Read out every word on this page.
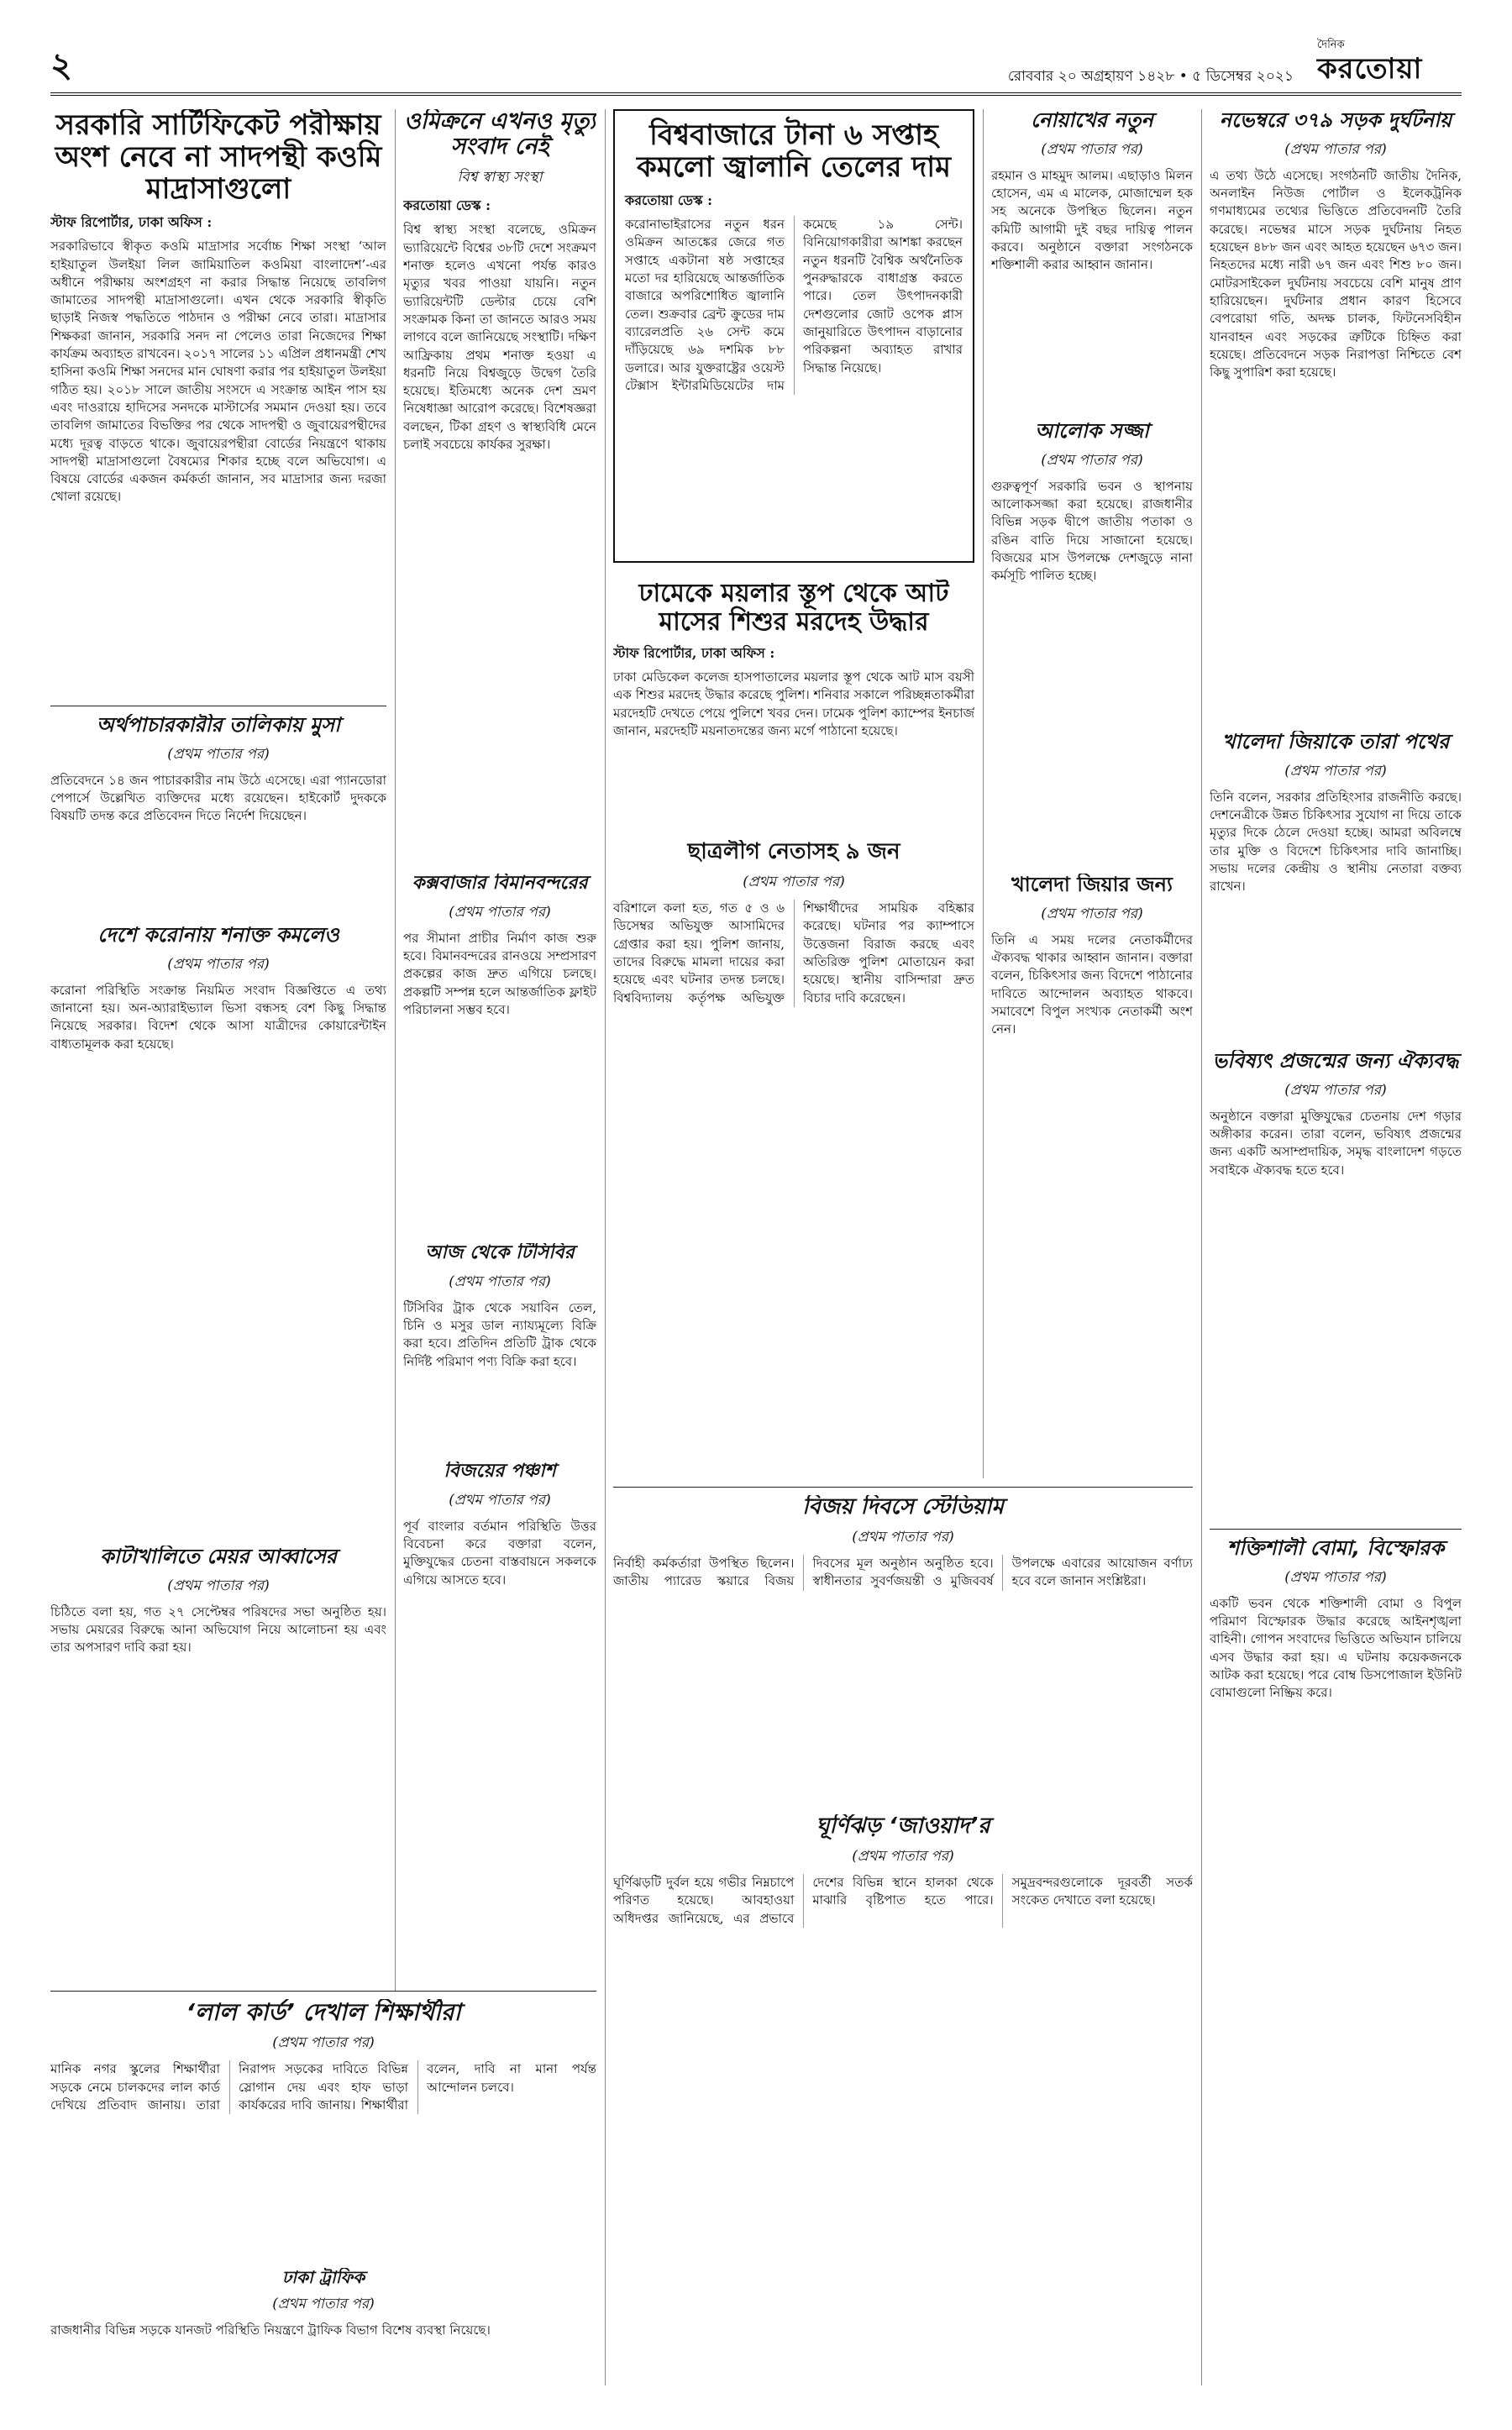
২	রোববার ২০ অগ্রহায়ণ ১৪২৮ • ৫ ডিসেম্বর ২০২১
দৈনিক
করতোয়া
সরকারি সার্টিফিকেট পরীক্ষায় অংশ নেবে না সাদপন্থী কওমি মাদ্রাসাগুলো

স্টাফ রিপোর্টার, ঢাকা অফিস :

সরকারিভাবে স্বীকৃত কওমি মাদ্রাসার সর্বোচ্চ শিক্ষা সংস্থা ‘আল হাইয়াতুল উলইয়া লিল জামিয়াতিল কওমিয়া বাংলাদেশ’-এর অধীনে পরীক্ষায় অংশগ্রহণ না করার সিদ্ধান্ত নিয়েছে তাবলিগ জামাতের সাদপন্থী মাদ্রাসাগুলো। এখন থেকে সরকারি স্বীকৃতি ছাড়াই নিজস্ব পদ্ধতিতে পাঠদান ও পরীক্ষা নেবে তারা। মাদ্রাসার শিক্ষকরা জানান, সরকারি সনদ না পেলেও তারা নিজেদের শিক্ষা কার্যক্রম অব্যাহত রাখবেন। ২০১৭ সালের ১১ এপ্রিল প্রধানমন্ত্রী শেখ হাসিনা কওমি শিক্ষা সনদের মান ঘোষণা করার পর হাইয়াতুল উলইয়া গঠিত হয়। ২০১৮ সালে জাতীয় সংসদে এ সংক্রান্ত আইন পাস হয় এবং দাওরায়ে হাদিসের সনদকে মাস্টার্সের সমমান দেওয়া হয়। তবে তাবলিগ জামাতের বিভক্তির পর থেকে সাদপন্থী ও জুবায়েরপন্থীদের মধ্যে দূরত্ব বাড়তে থাকে। জুবায়েরপন্থীরা বোর্ডের নিয়ন্ত্রণে থাকায় সাদপন্থী মাদ্রাসাগুলো বৈষম্যের শিকার হচ্ছে বলে অভিযোগ। এ বিষয়ে বোর্ডের একজন কর্মকর্তা জানান, সব মাদ্রাসার জন্য দরজা খোলা রয়েছে।

ওমিক্রনে এখনও মৃত্যু সংবাদ নেই
বিশ্ব স্বাস্থ্য সংস্থা

করতোয়া ডেস্ক :

বিশ্ব স্বাস্থ্য সংস্থা বলেছে, ওমিক্রন ভ্যারিয়েন্টে বিশ্বের ৩৮টি দেশে সংক্রমণ শনাক্ত হলেও এখনো পর্যন্ত কারও মৃত্যুর খবর পাওয়া যায়নি। নতুন ভ্যারিয়েন্টটি ডেল্টার চেয়ে বেশি সংক্রামক কিনা তা জানতে আরও সময় লাগবে বলে জানিয়েছে সংস্থাটি। দক্ষিণ আফ্রিকায় প্রথম শনাক্ত হওয়া এ ধরনটি নিয়ে বিশ্বজুড়ে উদ্বেগ তৈরি হয়েছে। ইতিমধ্যে অনেক দেশ ভ্রমণ নিষেধাজ্ঞা আরোপ করেছে। বিশেষজ্ঞরা বলছেন, টিকা গ্রহণ ও স্বাস্থ্যবিধি মেনে চলাই সবচেয়ে কার্যকর সুরক্ষা।

বিশ্ববাজারে টানা ৬ সপ্তাহ কমলো জ্বালানি তেলের দাম

করতোয়া ডেস্ক :

করোনাভাইরাসের নতুন ধরন ওমিক্রন আতঙ্কের জেরে গত সপ্তাহে একটানা ষষ্ঠ সপ্তাহের মতো দর হারিয়েছে আন্তর্জাতিক বাজারে অপরিশোধিত জ্বালানি তেল। শুক্রবার ব্রেন্ট ক্রুডের দাম ব্যারেলপ্রতি ২৬ সেন্ট কমে দাঁড়িয়েছে ৬৯ দশমিক ৮৮ ডলারে। আর যুক্তরাষ্ট্রের ওয়েস্ট টেক্সাস ইন্টারমিডিয়েটের দাম কমেছে ১৯ সেন্ট। বিনিয়োগকারীরা আশঙ্কা করছেন নতুন ধরনটি বৈশ্বিক অর্থনৈতিক পুনরুদ্ধারকে বাধাগ্রস্ত করতে পারে। তেল উৎপাদনকারী দেশগুলোর জোট ওপেক প্লাস জানুয়ারিতে উৎপাদন বাড়ানোর পরিকল্পনা অব্যাহত রাখার সিদ্ধান্ত নিয়েছে।

ঢামেকে ময়লার স্তূপ থেকে আট মাসের শিশুর মরদেহ উদ্ধার

স্টাফ রিপোর্টার, ঢাকা অফিস :

ঢাকা মেডিকেল কলেজ হাসপাতালের ময়লার স্তূপ থেকে আট মাস বয়সী এক শিশুর মরদেহ উদ্ধার করেছে পুলিশ। শনিবার সকালে পরিচ্ছন্নতাকর্মীরা মরদেহটি দেখতে পেয়ে পুলিশে খবর দেন। ঢামেক পুলিশ ক্যাম্পের ইনচার্জ জানান, মরদেহটি ময়নাতদন্তের জন্য মর্গে পাঠানো হয়েছে।

ছাত্রলীগ নেতাসহ ৯ জন
(প্রথম পাতার পর)

বরিশালে কলা হত, গত ৫ ও ৬ ডিসেম্বর অভিযুক্ত আসামিদের গ্রেপ্তার করা হয়। পুলিশ জানায়, তাদের বিরুদ্ধে মামলা দায়ের করা হয়েছে এবং ঘটনার তদন্ত চলছে। বিশ্ববিদ্যালয় কর্তৃপক্ষ অভিযুক্ত শিক্ষার্থীদের সাময়িক বহিষ্কার করেছে। ঘটনার পর ক্যাম্পাসে উত্তেজনা বিরাজ করছে এবং অতিরিক্ত পুলিশ মোতায়েন করা হয়েছে। স্থানীয় বাসিন্দারা দ্রুত বিচার দাবি করেছেন।

নোয়াখের নতুন
(প্রথম পাতার পর)

রহমান ও মাহমুদ আলম। এছাড়াও মিলন হোসেন, এম এ মালেক, মোজাম্মেল হক সহ অনেকে উপস্থিত ছিলেন। নতুন কমিটি আগামী দুই বছর দায়িত্ব পালন করবে। অনুষ্ঠানে বক্তারা সংগঠনকে শক্তিশালী করার আহ্বান জানান।

আলোক সজ্জা
(প্রথম পাতার পর)

গুরুত্বপূর্ণ সরকারি ভবন ও স্থাপনায় আলোকসজ্জা করা হয়েছে। রাজধানীর বিভিন্ন সড়ক দ্বীপে জাতীয় পতাকা ও রঙিন বাতি দিয়ে সাজানো হয়েছে। বিজয়ের মাস উপলক্ষে দেশজুড়ে নানা কর্মসূচি পালিত হচ্ছে।

খালেদা জিয়ার জন্য
(প্রথম পাতার পর)

তিনি এ সময় দলের নেতাকর্মীদের ঐক্যবদ্ধ থাকার আহ্বান জানান। বক্তারা বলেন, চিকিৎসার জন্য বিদেশে পাঠানোর দাবিতে আন্দোলন অব্যাহত থাকবে। সমাবেশে বিপুল সংখ্যক নেতাকর্মী অংশ নেন।

নভেম্বরে ৩৭৯ সড়ক দুর্ঘটনায়
(প্রথম পাতার পর)

এ তথ্য উঠে এসেছে। সংগঠনটি জাতীয় দৈনিক, অনলাইন নিউজ পোর্টাল ও ইলেকট্রনিক গণমাধ্যমের তথ্যের ভিত্তিতে প্রতিবেদনটি তৈরি করেছে। নভেম্বর মাসে সড়ক দুর্ঘটনায় নিহত হয়েছেন ৪৮৮ জন এবং আহত হয়েছেন ৬৭৩ জন। নিহতদের মধ্যে নারী ৬৭ জন এবং শিশু ৮০ জন। মোটরসাইকেল দুর্ঘটনায় সবচেয়ে বেশি মানুষ প্রাণ হারিয়েছেন। দুর্ঘটনার প্রধান কারণ হিসেবে বেপরোয়া গতি, অদক্ষ চালক, ফিটনেসবিহীন যানবাহন এবং সড়কের ত্রুটিকে চিহ্নিত করা হয়েছে। প্রতিবেদনে সড়ক নিরাপত্তা নিশ্চিতে বেশ কিছু সুপারিশ করা হয়েছে।

খালেদা জিয়াকে তারা পথের
(প্রথম পাতার পর)

তিনি বলেন, সরকার প্রতিহিংসার রাজনীতি করছে। দেশনেত্রীকে উন্নত চিকিৎসার সুযোগ না দিয়ে তাকে মৃত্যুর দিকে ঠেলে দেওয়া হচ্ছে। আমরা অবিলম্বে তার মুক্তি ও বিদেশে চিকিৎসার দাবি জানাচ্ছি। সভায় দলের কেন্দ্রীয় ও স্থানীয় নেতারা বক্তব্য রাখেন।

ভবিষ্যৎ প্রজন্মের জন্য ঐক্যবদ্ধ
(প্রথম পাতার পর)

অনুষ্ঠানে বক্তারা মুক্তিযুদ্ধের চেতনায় দেশ গড়ার অঙ্গীকার করেন। তারা বলেন, ভবিষ্যৎ প্রজন্মের জন্য একটি অসাম্প্রদায়িক, সমৃদ্ধ বাংলাদেশ গড়তে সবাইকে ঐক্যবদ্ধ হতে হবে।

অর্থপাচারকারীর তালিকায় মুসা
(প্রথম পাতার পর)

প্রতিবেদনে ১৪ জন পাচারকারীর নাম উঠে এসেছে। এরা প্যানডোরা পেপার্সে উল্লেখিত ব্যক্তিদের মধ্যে রয়েছেন। হাইকোর্ট দুদককে বিষয়টি তদন্ত করে প্রতিবেদন দিতে নির্দেশ দিয়েছেন।

দেশে করোনায় শনাক্ত কমলেও
(প্রথম পাতার পর)

করোনা পরিস্থিতি সংক্রান্ত নিয়মিত সংবাদ বিজ্ঞপ্তিতে এ তথ্য জানানো হয়। অন-অ্যারাইভ্যাল ভিসা বন্ধসহ বেশ কিছু সিদ্ধান্ত নিয়েছে সরকার। বিদেশ থেকে আসা যাত্রীদের কোয়ারেন্টাইন বাধ্যতামূলক করা হয়েছে।

কাটাখালিতে মেয়র আব্বাসের
(প্রথম পাতার পর)

চিঠিতে বলা হয়, গত ২৭ সেপ্টেম্বর পরিষদের সভা অনুষ্ঠিত হয়। সভায় মেয়রের বিরুদ্ধে আনা অভিযোগ নিয়ে আলোচনা হয় এবং তার অপসারণ দাবি করা হয়।

কক্সবাজার বিমানবন্দরের
(প্রথম পাতার পর)

পর সীমানা প্রাচীর নির্মাণ কাজ শুরু হবে। বিমানবন্দরের রানওয়ে সম্প্রসারণ প্রকল্পের কাজ দ্রুত এগিয়ে চলছে। প্রকল্পটি সম্পন্ন হলে আন্তর্জাতিক ফ্লাইট পরিচালনা সম্ভব হবে।

আজ থেকে টিসিবির
(প্রথম পাতার পর)

টিসিবির ট্রাক থেকে সয়াবিন তেল, চিনি ও মসুর ডাল ন্যায্যমূল্যে বিক্রি করা হবে। প্রতিদিন প্রতিটি ট্রাক থেকে নির্দিষ্ট পরিমাণ পণ্য বিক্রি করা হবে।

বিজয়ের পঞ্চাশ
(প্রথম পাতার পর)

পূর্ব বাংলার বর্তমান পরিস্থিতি উত্তর বিবেচনা করে বক্তারা বলেন, মুক্তিযুদ্ধের চেতনা বাস্তবায়নে সকলকে এগিয়ে আসতে হবে।

বিজয় দিবসে স্টেডিয়াম
(প্রথম পাতার পর)

নির্বাহী কর্মকর্তারা উপস্থিত ছিলেন। জাতীয় প্যারেড স্কয়ারে বিজয় দিবসের মূল অনুষ্ঠান অনুষ্ঠিত হবে। স্বাধীনতার সুবর্ণজয়ন্তী ও মুজিববর্ষ উপলক্ষে এবারের আয়োজন বর্ণাঢ্য হবে বলে জানান সংশ্লিষ্টরা।

ঘূর্ণিঝড় ‘জাওয়াদ’র
(প্রথম পাতার পর)

ঘূর্ণিঝড়টি দুর্বল হয়ে গভীর নিম্নচাপে পরিণত হয়েছে। আবহাওয়া অধিদপ্তর জানিয়েছে, এর প্রভাবে দেশের বিভিন্ন স্থানে হালকা থেকে মাঝারি বৃষ্টিপাত হতে পারে। সমুদ্রবন্দরগুলোকে দূরবর্তী সতর্ক সংকেত দেখাতে বলা হয়েছে।

শক্তিশালী বোমা, বিস্ফোরক
(প্রথম পাতার পর)

একটি ভবন থেকে শক্তিশালী বোমা ও বিপুল পরিমাণ বিস্ফোরক উদ্ধার করেছে আইনশৃঙ্খলা বাহিনী। গোপন সংবাদের ভিত্তিতে অভিযান চালিয়ে এসব উদ্ধার করা হয়। এ ঘটনায় কয়েকজনকে আটক করা হয়েছে। পরে বোম্ব ডিসপোজাল ইউনিট বোমাগুলো নিষ্ক্রিয় করে।

‘লাল কার্ড’ দেখাল শিক্ষার্থীরা
(প্রথম পাতার পর)

মানিক নগর স্কুলের শিক্ষার্থীরা সড়কে নেমে চালকদের লাল কার্ড দেখিয়ে প্রতিবাদ জানায়। তারা নিরাপদ সড়কের দাবিতে বিভিন্ন স্লোগান দেয় এবং হাফ ভাড়া কার্যকরের দাবি জানায়। শিক্ষার্থীরা বলেন, দাবি না মানা পর্যন্ত আন্দোলন চলবে।

ঢাকা ট্রাফিক
(প্রথম পাতার পর)

রাজধানীর বিভিন্ন সড়কে যানজট পরিস্থিতি নিয়ন্ত্রণে ট্রাফিক বিভাগ বিশেষ ব্যবস্থা নিয়েছে।
